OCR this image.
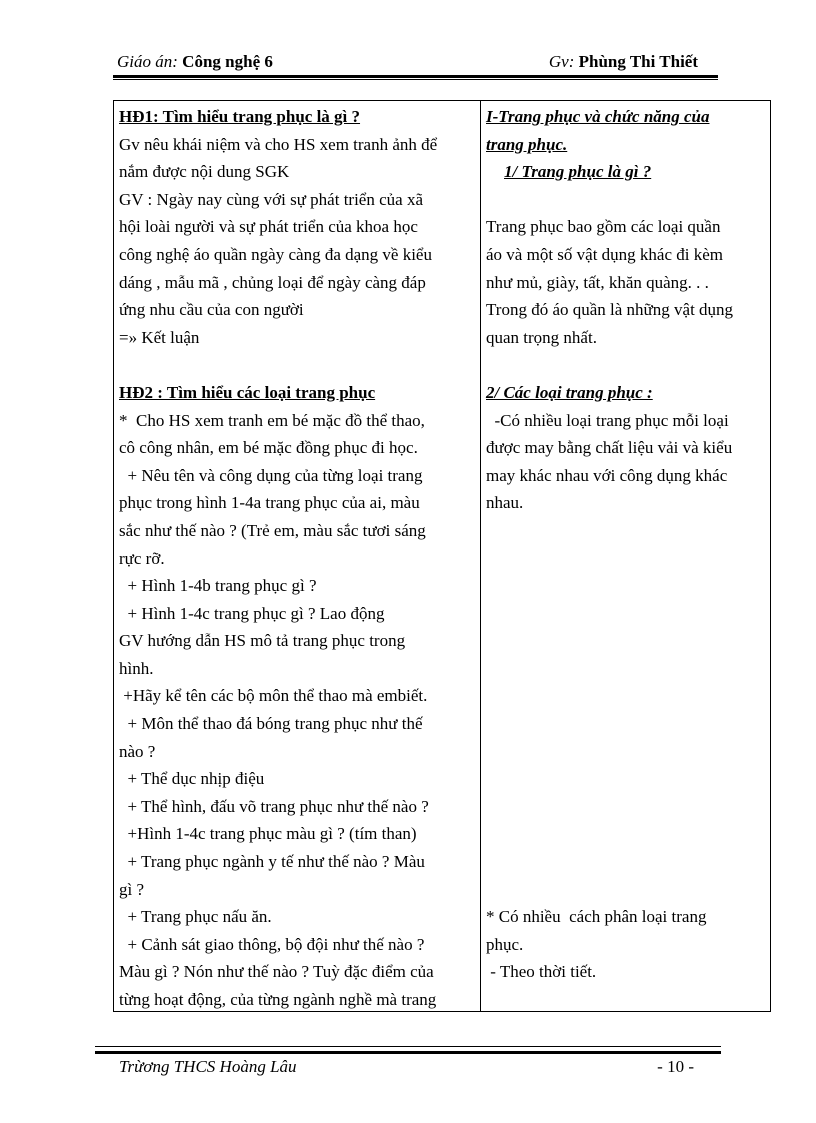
Giáo án: Công nghệ 6	Gv: Phùng Thi Thiết
HĐ1: Tìm hiểu trang phục là gì ?
Gv nêu khái niệm và cho HS xem tranh ảnh để
nắm được nội dung SGK
GV : Ngày nay cùng với sự phát triển của xã
hội loài người và sự phát triển của khoa học
công nghệ áo quần ngày càng đa dạng về kiểu
dáng , mẫu mã , chủng loại để ngày càng đáp
ứng nhu cầu của con người
=» Kết luận
HĐ2 : Tìm hiểu các loại trang phục
*  Cho HS xem tranh em bé mặc đồ thể thao,
cô công nhân, em bé mặc đồng phục đi học.
+ Nêu tên và công dụng của từng loại trang
phục trong hình 1-4a trang phục của ai, màu
sắc như thế nào ? (Trẻ em, màu sắc tươi sáng
rực rỡ.
+ Hình 1-4b trang phục gì ?
+ Hình 1-4c trang phục gì ? Lao động
GV hướng dẫn HS mô tả trang phục trong
hình.
+Hãy kể tên các bộ môn thể thao mà embiết.
+ Môn thể thao đá bóng trang phục như thế
nào ?
+ Thể dục nhịp điệu
+ Thể hình, đấu võ trang phục như thế nào ?
+Hình 1-4c trang phục màu gì ? (tím than)
+ Trang phục ngành y tế như thế nào ? Màu
gì ?
+ Trang phục nấu ăn.
+ Cảnh sát giao thông, bộ đội như thế nào ?
Màu gì ? Nón như thế nào ? Tuỳ đặc điểm của
từng hoạt động, của từng ngành nghề mà trang
I-Trang phục và chức năng của
trang phục.
1/ Trang phục là gì ?
Trang phục bao gồm các loại quần
áo và một số vật dụng khác đi kèm
như mủ, giày, tất, khăn quàng. . .
Trong đó áo quần là những vật dụng
quan trọng nhất.
2/ Các loại trang phục :
-Có nhiều loại trang phục mỗi loại
được may bằng chất liệu vải và kiểu
may khác nhau với công dụng khác
nhau.
* Có nhiều  cách phân loại trang
phục.
- Theo thời tiết.
Trừơng THCS Hoàng Lâu	- 10 -
